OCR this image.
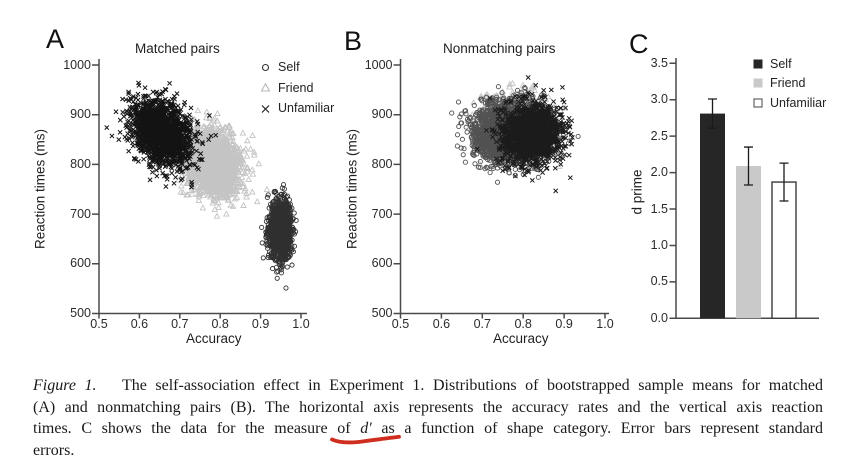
A	Matched pairs
Reaction times (ms)
Accuracy
Self
Friend
Unfamiliar
B	Nonmatching pairs
Reaction times (ms)
Accuracy
C
d prime
Self
Friend
Unfamiliar
0.5	0.6	0.7	0.8	0.9	1.0
500
600
700
800
900
1000
0.5	0.6	0.7	0.8	0.9	1.0
500
600
700
800
900
1000
0.0
0.5
1.0
1.5
2.0
2.5
3.0
3.5
Figure 1.   The self-association effect in Experiment 1. Distributions of bootstrapped sample means for matched
(A) and nonmatching pairs (B). The horizontal axis represents the accuracy rates and the vertical axis reaction
times. C shows the data for the measure of d′ as a function of shape category. Error bars represent standard
errors.
